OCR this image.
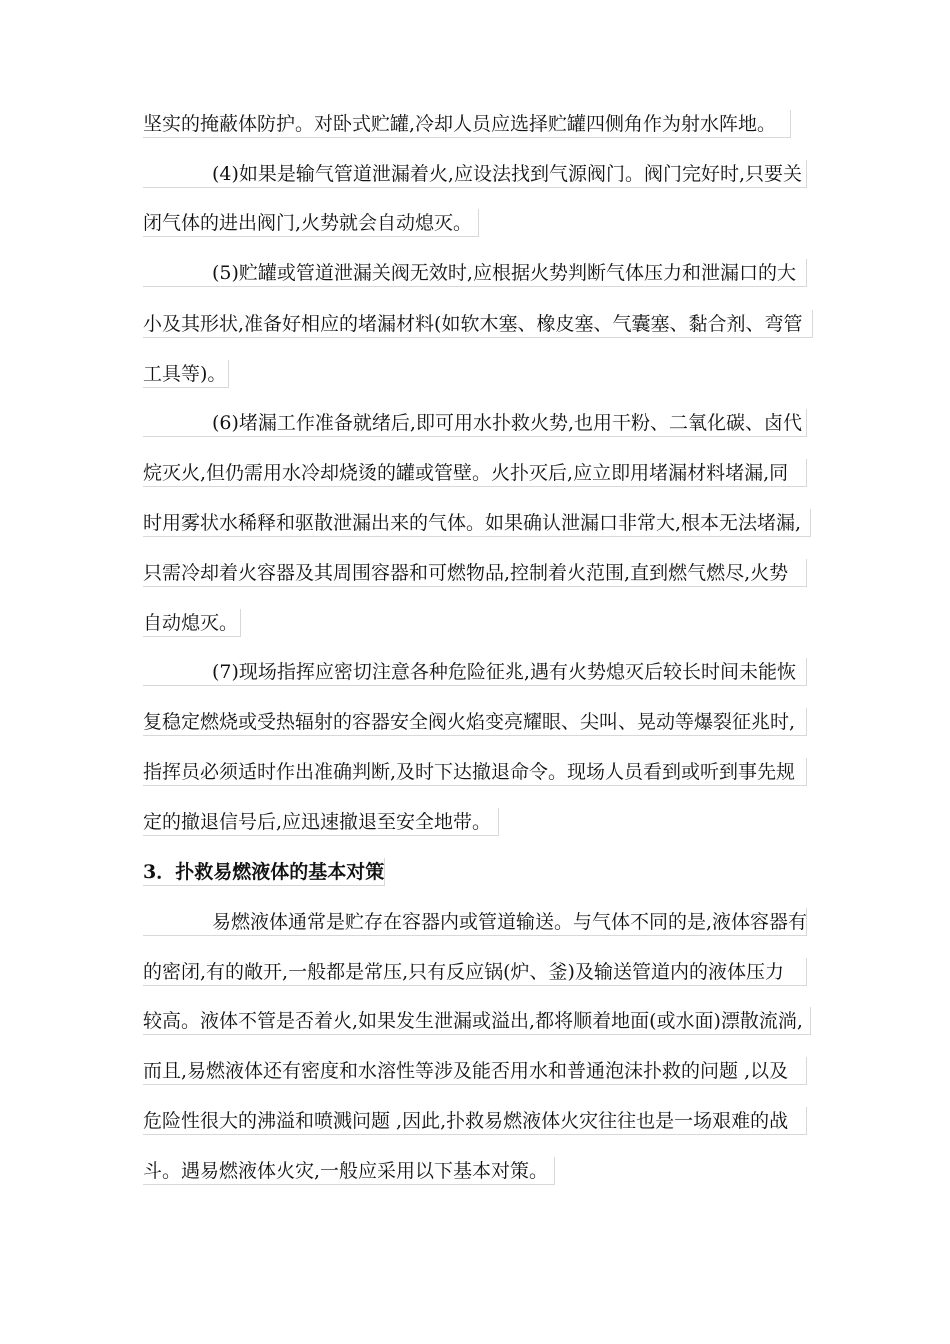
坚实的掩蔽体防护。对卧式贮罐,冷却人员应选择贮罐四侧角作为射水阵地。
(4)如果是输气管道泄漏着火,应设法找到气源阀门。阀门完好时,只要关
闭气体的进出阀门,火势就会自动熄灭。
(5)贮罐或管道泄漏关阀无效时,应根据火势判断气体压力和泄漏口的大
小及其形状,准备好相应的堵漏材料(如软木塞、橡皮塞、气囊塞、黏合剂、弯管
工具等)。
(6)堵漏工作准备就绪后,即可用水扑救火势,也用干粉、二氧化碳、卤代
烷灭火,但仍需用水冷却烧烫的罐或管壁。火扑灭后,应立即用堵漏材料堵漏,同
时用雾状水稀释和驱散泄漏出来的气体。如果确认泄漏口非常大,根本无法堵漏,
只需冷却着火容器及其周围容器和可燃物品,控制着火范围,直到燃气燃尽,火势
自动熄灭。
(7)现场指挥应密切注意各种危险征兆,遇有火势熄灭后较长时间未能恢
复稳定燃烧或受热辐射的容器安全阀火焰变亮耀眼、尖叫、晃动等爆裂征兆时,
指挥员必须适时作出准确判断,及时下达撤退命令。现场人员看到或听到事先规
定的撤退信号后,应迅速撤退至安全地带。
3．扑救易燃液体的基本对策
易燃液体通常是贮存在容器内或管道输送。与气体不同的是,液体容器有
的密闭,有的敞开,一般都是常压,只有反应锅(炉、釜)及输送管道内的液体压力
较高。液体不管是否着火,如果发生泄漏或溢出,都将顺着地面(或水面)漂散流淌,
而且,易燃液体还有密度和水溶性等涉及能否用水和普通泡沫扑救的问题 ,以及
危险性很大的沸溢和喷溅问题 ,因此,扑救易燃液体火灾往往也是一场艰难的战
斗。遇易燃液体火灾,一般应采用以下基本对策。
